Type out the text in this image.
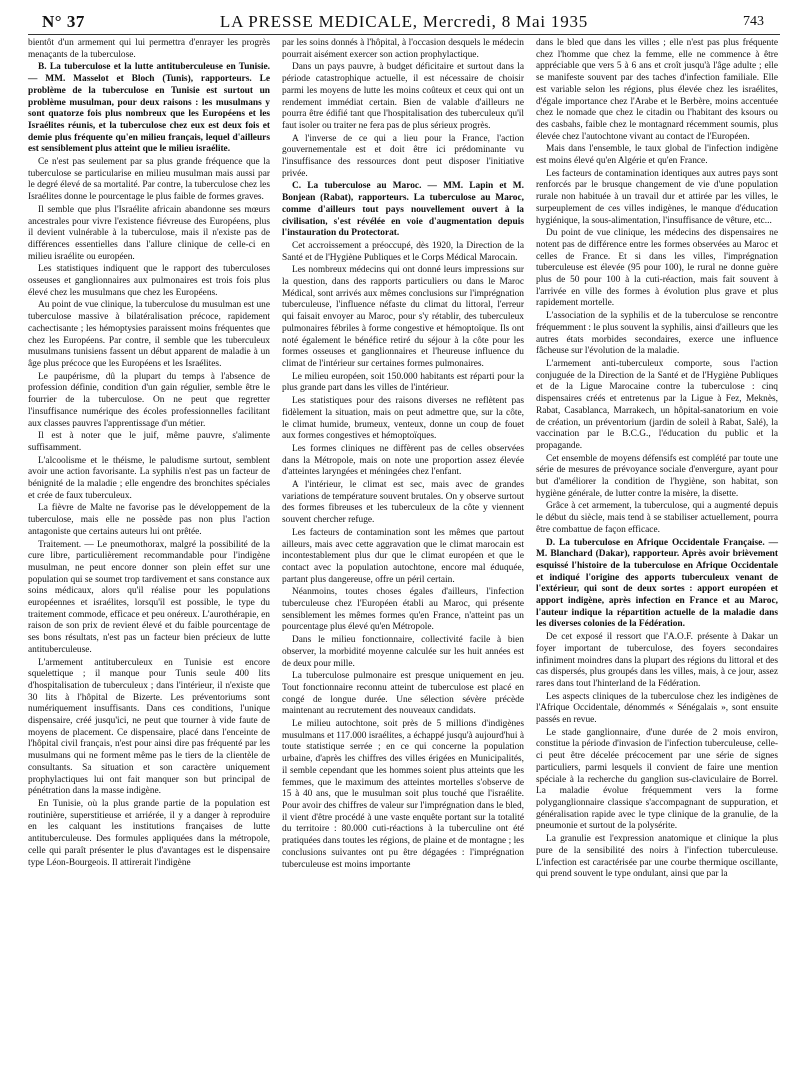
N° 37	LA PRESSE MEDICALE, Mercredi, 8 Mai 1935	743

bientôt d'un armement qui lui permettra d'enrayer les progrès menaçants de la tuberculose.

B. La tuberculose et la lutte antituberculeuse en Tunisie. — MM. Masselot et Bloch (Tunis), rapporteurs. Le problème de la tuberculose en Tunisie est surtout un problème musulman, pour deux raisons : les musulmans y sont quatorze fois plus nombreux que les Européens et les Israélites réunis, et la tuberculose chez eux est deux fois et demie plus fréquente qu'en milieu français, lequel d'ailleurs est sensiblement plus atteint que le milieu israélite.

Ce n'est pas seulement par sa plus grande fréquence que la tuberculose se particularise en milieu musulman mais aussi par le degré élevé de sa mortalité. Par contre, la tuberculose chez les Israélites donne le pourcentage le plus faible de formes graves.

Il semble que plus l'Israélite africain abandonne ses mœurs ancestrales pour vivre l'existence fiévreuse des Européens, plus il devient vulnérable à la tuberculose, mais il n'existe pas de différences essentielles dans l'allure clinique de celle-ci en milieu israélite ou européen.

Les statistiques indiquent que le rapport des tuberculoses osseuses et ganglionnaires aux pulmonaires est trois fois plus élevé chez les musulmans que chez les Européens.

Au point de vue clinique, la tuberculose du musulman est une tuberculose massive à bilatéralisation précoce, rapidement cachectisante ; les hémoptysies paraissent moins fréquentes que chez les Européens. Par contre, il semble que les tuberculeux musulmans tunisiens fassent un début apparent de maladie à un âge plus précoce que les Européens et les Israélites.

Le paupérisme, dû la plupart du temps à l'absence de profession définie, condition d'un gain régulier, semble être le fourrier de la tuberculose. On ne peut que regretter l'insuffisance numérique des écoles professionnelles facilitant aux classes pauvres l'apprentissage d'un métier.

Il est à noter que le juif, même pauvre, s'alimente suffisamment.

L'alcoolisme et le théisme, le paludisme surtout, semblent avoir une action favorisante. La syphilis n'est pas un facteur de bénignité de la maladie ; elle engendre des bronchites spéciales et crée de faux tuberculeux.

La fièvre de Malte ne favorise pas le développement de la tuberculose, mais elle ne possède pas non plus l'action antagoniste que certains auteurs lui ont prêtée.

Traitement. — Le pneumothorax, malgré la possibilité de la cure libre, particulièrement recommandable pour l'indigène musulman, ne peut encore donner son plein effet sur une population qui se soumet trop tardivement et sans constance aux soins médicaux, alors qu'il réalise pour les populations européennes et israélites, lorsqu'il est possible, le type du traitement commode, efficace et peu onéreux. L'aurothérapie, en raison de son prix de revient élevé et du faible pourcentage de ses bons résultats, n'est pas un facteur bien précieux de lutte antituberculeuse.

L'armement antituberculeux en Tunisie est encore squelettique ; il manque pour Tunis seule 400 lits d'hospitalisation de tuberculeux ; dans l'intérieur, il n'existe que 30 lits à l'hôpital de Bizerte. Les préventoriums sont numériquement insuffisants. Dans ces conditions, l'unique dispensaire, créé jusqu'ici, ne peut que tourner à vide faute de moyens de placement. Ce dispensaire, placé dans l'enceinte de l'hôpital civil français, n'est pour ainsi dire pas fréquenté par les musulmans qui ne forment même pas le tiers de la clientèle de consultants. Sa situation et son caractère uniquement prophylactiques lui ont fait manquer son but principal de pénétration dans la masse indigène.

En Tunisie, où la plus grande partie de la population est routinière, superstitieuse et arriérée, il y a danger à reproduire en les calquant les institutions françaises de lutte antituberculeuse. Des formules appliquées dans la métropole, celle qui paraît présenter le plus d'avantages est le dispensaire type Léon-Bourgeois. Il attirerait l'indigène

par les soins donnés à l'hôpital, à l'occasion desquels le médecin pourrait aisément exercer son action prophylactique.

Dans un pays pauvre, à budget déficitaire et surtout dans la période catastrophique actuelle, il est nécessaire de choisir parmi les moyens de lutte les moins coûteux et ceux qui ont un rendement immédiat certain. Bien de valable d'ailleurs ne pourra être édifié tant que l'hospitalisation des tuberculeux qu'il faut isoler ou traiter ne fera pas de plus sérieux progrès.

A l'inverse de ce qui a lieu pour la France, l'action gouvernementale est et doit être ici prédominante vu l'insuffisance des ressources dont peut disposer l'initiative privée.

C. La tuberculose au Maroc. — MM. Lapin et M. Bonjean (Rabat), rapporteurs. La tuberculose au Maroc, comme d'ailleurs tout pays nouvellement ouvert à la civilisation, s'est révélée en voie d'augmentation depuis l'instauration du Protectorat.

Cet accroissement a préoccupé, dès 1920, la Direction de la Santé et de l'Hygiène Publiques et le Corps Médical Marocain.

Les nombreux médecins qui ont donné leurs impressions sur la question, dans des rapports particuliers ou dans le Maroc Médical, sont arrivés aux mêmes conclusions sur l'imprégnation tuberculeuse, l'influence néfaste du climat du littoral, l'erreur qui faisait envoyer au Maroc, pour s'y rétablir, des tuberculeux pulmonaires fébriles à forme congestive et hémoptoïque. Ils ont noté également le bénéfice retiré du séjour à la côte pour les formes osseuses et ganglionnaires et l'heureuse influence du climat de l'intérieur sur certaines formes pulmonaires.

Le milieu européen, soit 150.000 habitants est réparti pour la plus grande part dans les villes de l'intérieur.

Les statistiques pour des raisons diverses ne reflètent pas fidèlement la situation, mais on peut admettre que, sur la côte, le climat humide, brumeux, venteux, donne un coup de fouet aux formes congestives et hémoptoïques.

Les formes cliniques ne diffèrent pas de celles observées dans la Métropole, mais on note une proportion assez élevée d'atteintes laryngées et méningées chez l'enfant.

A l'intérieur, le climat est sec, mais avec de grandes variations de température souvent brutales. On y observe surtout des formes fibreuses et les tuberculeux de la côte y viennent souvent chercher refuge.

Les facteurs de contamination sont les mêmes que partout ailleurs, mais avec cette aggravation que le climat marocain est incontestablement plus dur que le climat européen et que le contact avec la population autochtone, encore mal éduquée, partant plus dangereuse, offre un péril certain.

Néanmoins, toutes choses égales d'ailleurs, l'infection tuberculeuse chez l'Européen établi au Maroc, qui présente sensiblement les mêmes formes qu'en France, n'atteint pas un pourcentage plus élevé qu'en Métropole.

Dans le milieu fonctionnaire, collectivité facile à bien observer, la morbidité moyenne calculée sur les huit années est de deux pour mille.

La tuberculose pulmonaire est presque uniquement en jeu. Tout fonctionnaire reconnu atteint de tuberculose est placé en congé de longue durée. Une sélection sévère précède maintenant au recrutement des nouveaux candidats.

Le milieu autochtone, soit près de 5 millions d'indigènes musulmans et 117.000 israélites, a échappé jusqu'à aujourd'hui à toute statistique serrée ; en ce qui concerne la population urbaine, d'après les chiffres des villes érigées en Municipalités, il semble cependant que les hommes soient plus atteints que les femmes, que le maximum des atteintes mortelles s'observe de 15 à 40 ans, que le musulman soit plus touché que l'israélite. Pour avoir des chiffres de valeur sur l'imprégnation dans le bled, il vient d'être procédé à une vaste enquête portant sur la totalité du territoire : 80.000 cuti-réactions à la tuberculine ont été pratiquées dans toutes les régions, de plaine et de montagne ; les conclusions suivantes ont pu être dégagées : l'imprégnation tuberculeuse est moins importante

dans le bled que dans les villes ; elle n'est pas plus fréquente chez l'homme que chez la femme, elle ne commence à être appréciable que vers 5 à 6 ans et croît jusqu'à l'âge adulte ; elle se manifeste souvent par des taches d'infection familiale. Elle est variable selon les régions, plus élevée chez les israélites, d'égale importance chez l'Arabe et le Berbère, moins accentuée chez le nomade que chez le citadin ou l'habitant des ksours ou des casbahs, faible chez le montagnard récemment soumis, plus élevée chez l'autochtone vivant au contact de l'Européen.

Mais dans l'ensemble, le taux global de l'infection indigène est moins élevé qu'en Algérie et qu'en France.

Les facteurs de contamination identiques aux autres pays sont renforcés par le brusque changement de vie d'une population rurale non habituée à un travail dur et attirée par les villes, le surpeuplement de ces villes indigènes, le manque d'éducation hygiénique, la sous-alimentation, l'insuffisance de vêture, etc...

Du point de vue clinique, les médecins des dispensaires ne notent pas de différence entre les formes observées au Maroc et celles de France. Et si dans les villes, l'imprégnation tuberculeuse est élevée (95 pour 100), le rural ne donne guère plus de 50 pour 100 à la cuti-réaction, mais fait souvent à l'arrivée en ville des formes à évolution plus grave et plus rapidement mortelle.

L'association de la syphilis et de la tuberculose se rencontre fréquemment : le plus souvent la syphilis, ainsi d'ailleurs que les autres états morbides secondaires, exerce une influence fâcheuse sur l'évolution de la maladie.

L'armement anti-tuberculeux comporte, sous l'action conjuguée de la Direction de la Santé et de l'Hygiène Publiques et de la Ligue Marocaine contre la tuberculose : cinq dispensaires créés et entretenus par la Ligue à Fez, Meknès, Rabat, Casablanca, Marrakech, un hôpital-sanatorium en voie de création, un préventorium (jardin de soleil à Rabat, Salé), la vaccination par le B.C.G., l'éducation du public et la propagande.

Cet ensemble de moyens défensifs est complété par toute une série de mesures de prévoyance sociale d'envergure, ayant pour but d'améliorer la condition de l'hygiène, son habitat, son hygiène générale, de lutter contre la misère, la disette.

Grâce à cet armement, la tuberculose, qui a augmenté depuis le début du siècle, mais tend à se stabiliser actuellement, pourra être combattue de façon efficace.

D. La tuberculose en Afrique Occidentale Française. — M. Blanchard (Dakar), rapporteur. Après avoir brièvement esquissé l'histoire de la tuberculose en Afrique Occidentale et indiqué l'origine des apports tuberculeux venant de l'extérieur, qui sont de deux sortes : apport européen et apport indigène, après infection en France et au Maroc, l'auteur indique la répartition actuelle de la maladie dans les diverses colonies de la Fédération.

De cet exposé il ressort que l'A.O.F. présente à Dakar un foyer important de tuberculose, des foyers secondaires infiniment moindres dans la plupart des régions du littoral et des cas dispersés, plus groupés dans les villes, mais, à ce jour, assez rares dans tout l'hinterland de la Fédération.

Les aspects cliniques de la tuberculose chez les indigènes de l'Afrique Occidentale, dénommés « Sénégalais », sont ensuite passés en revue.

Le stade ganglionnaire, d'une durée de 2 mois environ, constitue la période d'invasion de l'infection tuberculeuse, celle-ci peut être décelée précocement par une série de signes particuliers, parmi lesquels il convient de faire une mention spéciale à la recherche du ganglion sus-claviculaire de Borrel. La maladie évolue fréquemment vers la forme polyganglionnaire classique s'accompagnant de suppuration, et généralisation rapide avec le type clinique de la granulie, de la pneumonie et surtout de la polysérite.

La granulie est l'expression anatomique et clinique la plus pure de la sensibilité des noirs à l'infection tuberculeuse. L'infection est caractérisée par une courbe thermique oscillante, qui prend souvent le type ondulant, ainsi que par la
